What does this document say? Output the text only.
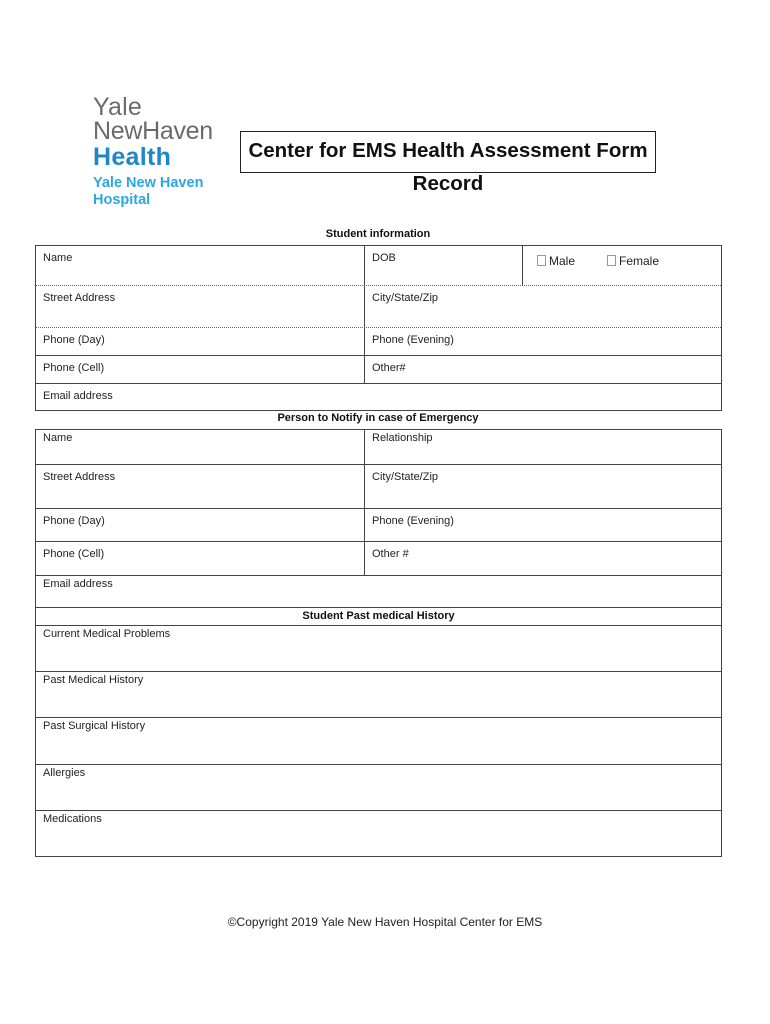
Yale
NewHaven
Health
Yale New Haven
Hospital
Center for EMS Health Assessment Form
Record
Student information
Name	DOB	Male	Female
Street Address	City/State/Zip
Phone (Day)	Phone (Evening)
Phone (Cell)	Other#
Email address
Person to Notify in case of Emergency
Name	Relationship
Street Address	City/State/Zip
Phone (Day)	Phone (Evening)
Phone (Cell)	Other #
Email address
Student Past medical History
Current Medical Problems
Past Medical History
Past Surgical History
Allergies
Medications
©Copyright 2019 Yale New Haven Hospital Center for EMS
